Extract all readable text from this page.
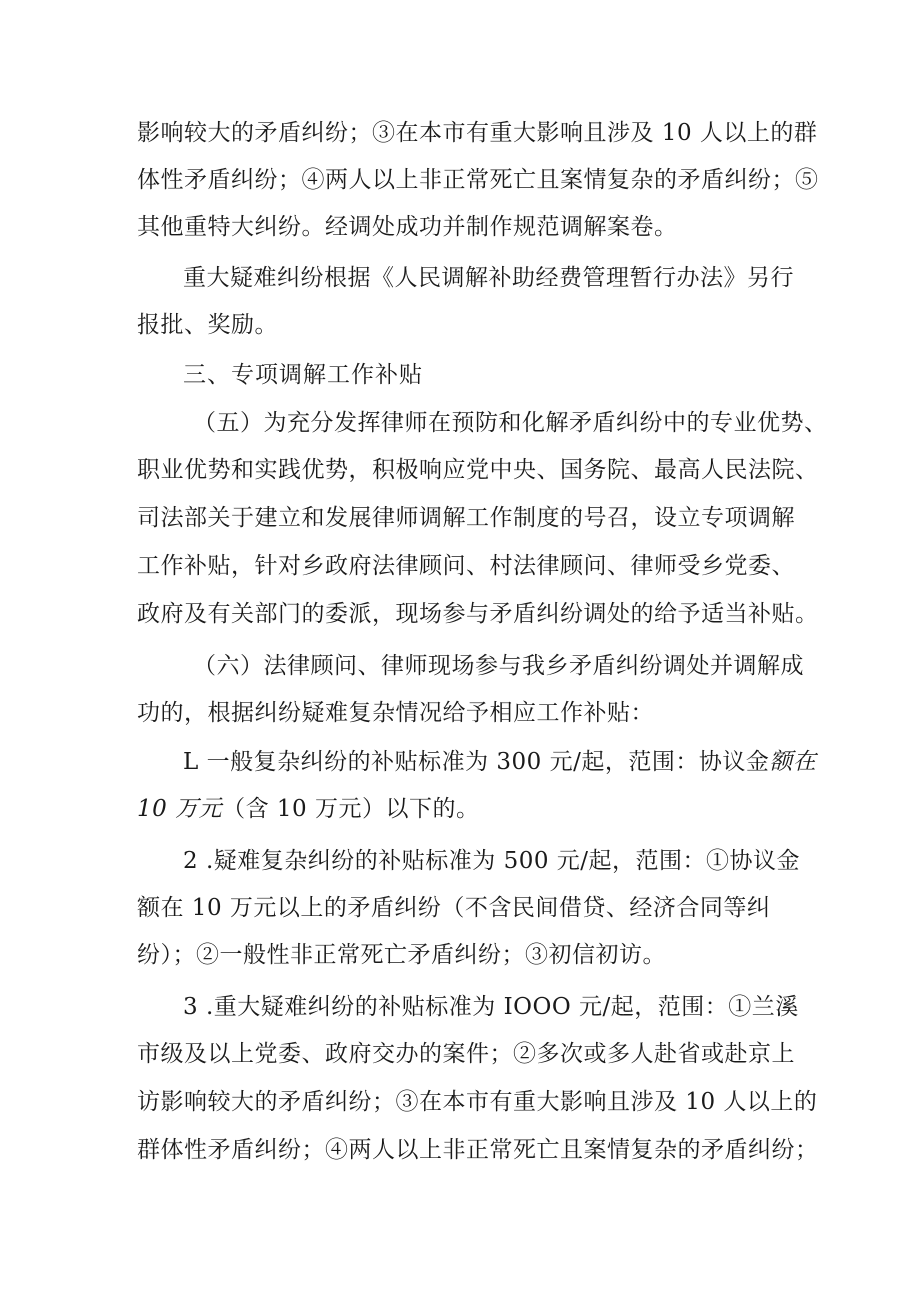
影响较大的矛盾纠纷；③在本市有重大影响且涉及 10 人以上的群
体性矛盾纠纷；④两人以上非正常死亡且案情复杂的矛盾纠纷；⑤
其他重特大纠纷。经调处成功并制作规范调解案卷。
重大疑难纠纷根据《人民调解补助经费管理暂行办法》另行
报批、奖励。
三、专项调解工作补贴
（五）为充分发挥律师在预防和化解矛盾纠纷中的专业优势、
职业优势和实践优势，积极响应党中央、国务院、最高人民法院、
司法部关于建立和发展律师调解工作制度的号召，设立专项调解
工作补贴，针对乡政府法律顾问、村法律顾问、律师受乡党委、
政府及有关部门的委派，现场参与矛盾纠纷调处的给予适当补贴。
（六）法律顾问、律师现场参与我乡矛盾纠纷调处并调解成
功的，根据纠纷疑难复杂情况给予相应工作补贴：
L 一般复杂纠纷的补贴标准为 300 元/起，范围：协议金额在
10 万元（含 10 万元）以下的。
2 .疑难复杂纠纷的补贴标准为 500 元/起，范围：①协议金
额在 10 万元以上的矛盾纠纷（不含民间借贷、经济合同等纠
纷）；②一般性非正常死亡矛盾纠纷；③初信初访。
3 .重大疑难纠纷的补贴标准为 IOOO 元/起，范围：①兰溪
市级及以上党委、政府交办的案件；②多次或多人赴省或赴京上
访影响较大的矛盾纠纷；③在本市有重大影响且涉及 10 人以上的
群体性矛盾纠纷；④两人以上非正常死亡且案情复杂的矛盾纠纷；
